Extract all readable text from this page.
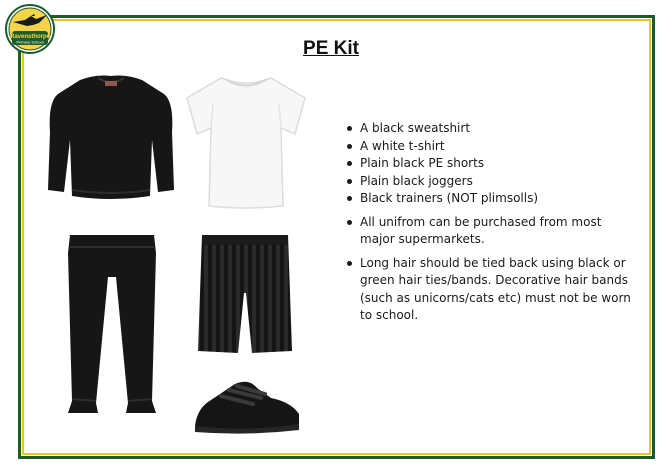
Ravensthorpe
Primary School	PE Kit
A black sweatshirt
A white t-shirt
Plain black PE shorts
Plain black joggers
Black trainers (NOT plimsolls)
All unifrom can be purchased from most major supermarkets.
Long hair should be tied back using black or green hair ties/bands. Decorative hair bands (such as unicorns/cats etc) must not be worn to school.
